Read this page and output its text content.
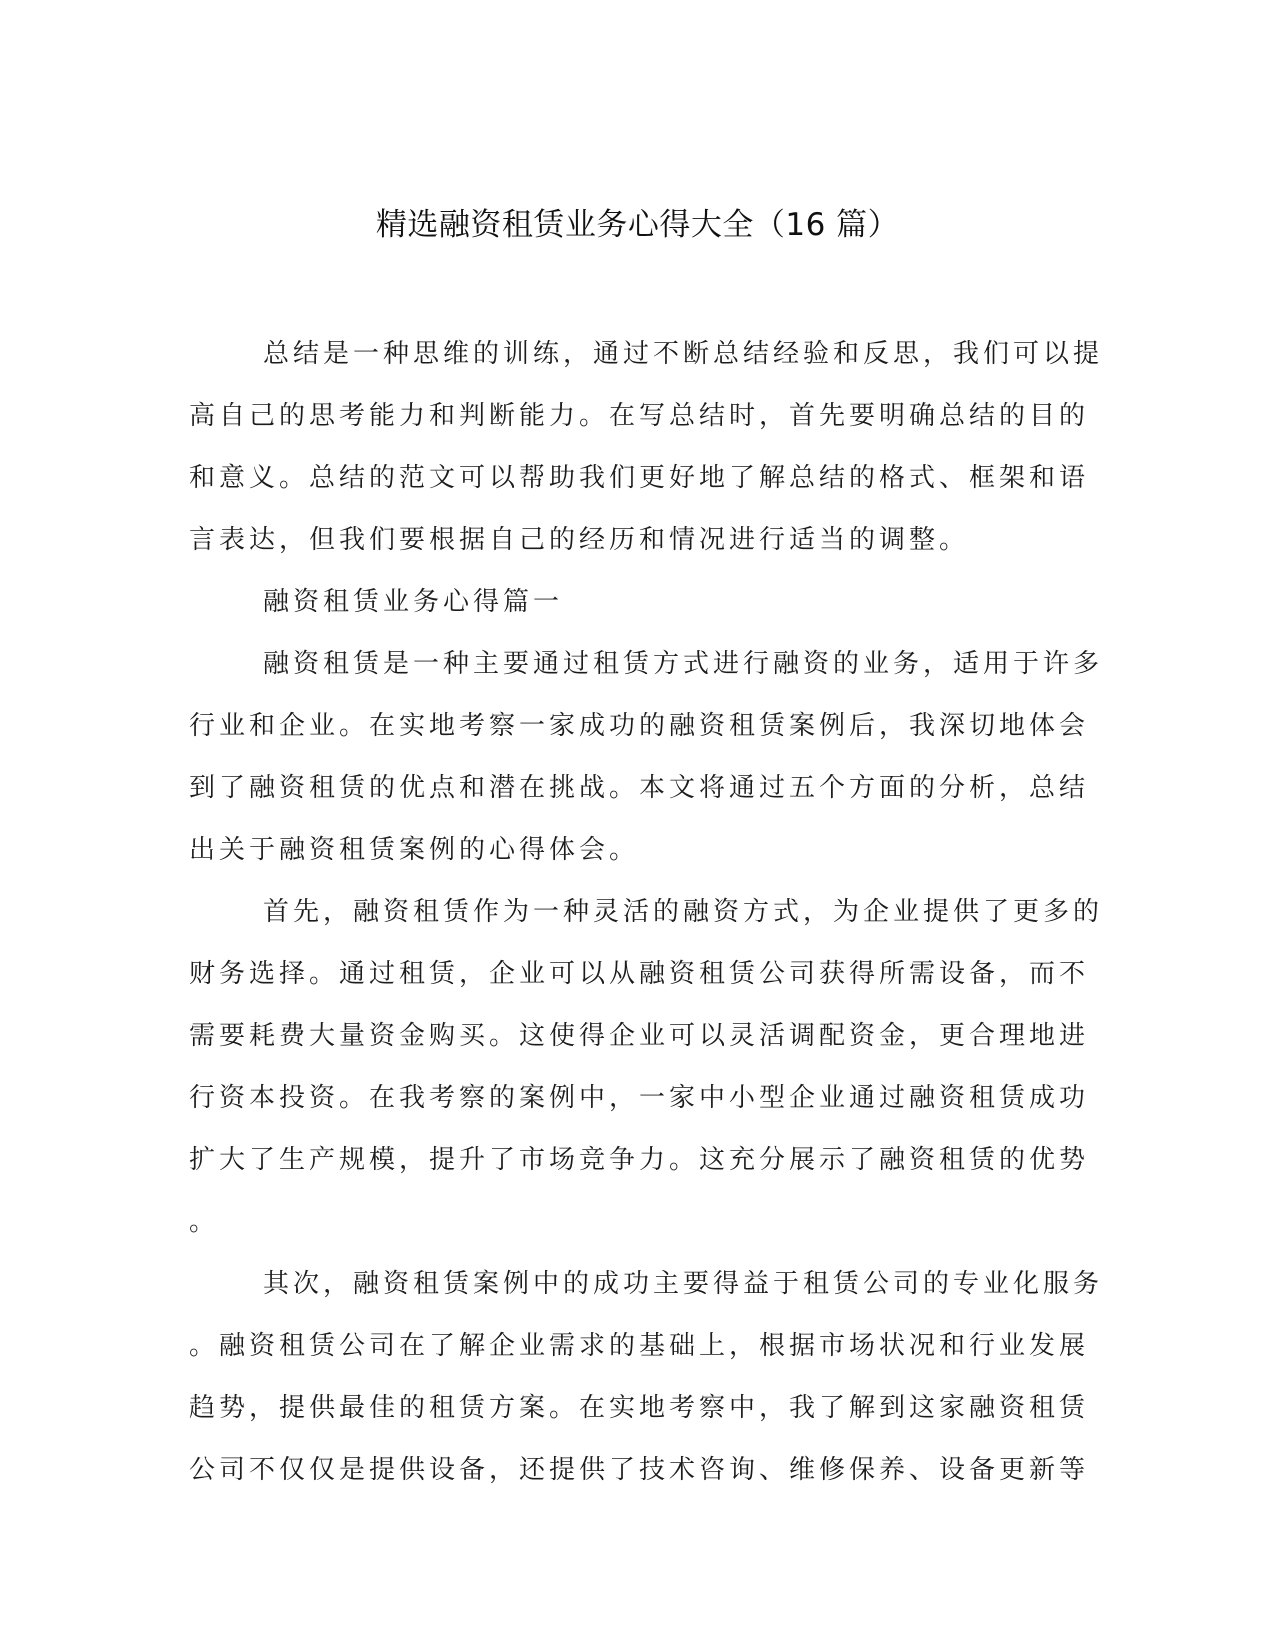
精选融资租赁业务心得大全（16 篇）
总结是一种思维的训练，通过不断总结经验和反思，我们可以提
高自己的思考能力和判断能力。在写总结时，首先要明确总结的目的
和意义。总结的范文可以帮助我们更好地了解总结的格式、框架和语
言表达，但我们要根据自己的经历和情况进行适当的调整。
融资租赁业务心得篇一
融资租赁是一种主要通过租赁方式进行融资的业务，适用于许多
行业和企业。在实地考察一家成功的融资租赁案例后，我深切地体会
到了融资租赁的优点和潜在挑战。本文将通过五个方面的分析，总结
出关于融资租赁案例的心得体会。
首先，融资租赁作为一种灵活的融资方式，为企业提供了更多的
财务选择。通过租赁，企业可以从融资租赁公司获得所需设备，而不
需要耗费大量资金购买。这使得企业可以灵活调配资金，更合理地进
行资本投资。在我考察的案例中，一家中小型企业通过融资租赁成功
扩大了生产规模，提升了市场竞争力。这充分展示了融资租赁的优势
。
其次，融资租赁案例中的成功主要得益于租赁公司的专业化服务
。融资租赁公司在了解企业需求的基础上，根据市场状况和行业发展
趋势，提供最佳的租赁方案。在实地考察中，我了解到这家融资租赁
公司不仅仅是提供设备，还提供了技术咨询、维修保养、设备更新等
